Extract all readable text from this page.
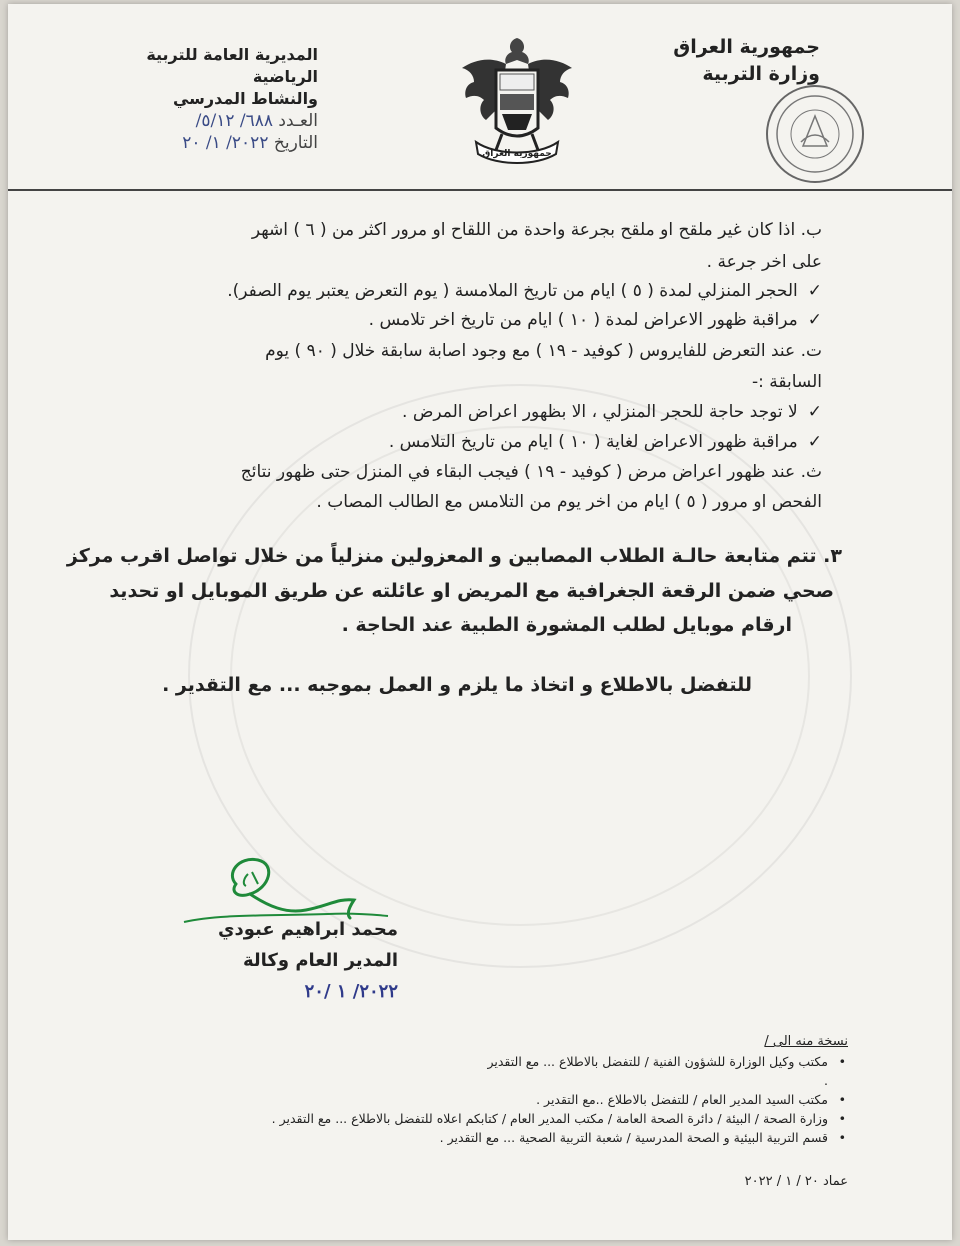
جمهورية العراق
وزارة التربية
جمهورية العراق
المديرية العامة للتربية الرياضية
والنشاط المدرسي
العـدد ٦٨٨/ ٥/١٢/
التاريخ ٢٠٢٢/ ١/ ٢٠
ب. اذا كان غير ملقح او ملقح بجرعة واحدة من اللقاح او مرور اكثر من ( ٦ ) اشهر
على اخر جرعة .
✓الحجر المنزلي لمدة ( ٥ ) ايام من تاريخ الملامسة ( يوم التعرض يعتبر يوم الصفر).
✓مراقبة ظهور الاعراض لمدة ( ١٠ ) ايام من تاريخ اخر تلامس .
ت. عند التعرض للفايروس ( كوفيد - ١٩ ) مع وجود اصابة سابقة خلال ( ٩٠ ) يوم
السابقة :-
✓لا توجد حاجة للحجر المنزلي ، الا بظهور اعراض المرض .
✓مراقبة ظهور الاعراض لغاية ( ١٠ ) ايام من تاريخ التلامس .
ث. عند ظهور اعراض مرض ( كوفيد - ١٩ ) فيجب البقاء في المنزل حتى ظهور نتائج
الفحص او مرور ( ٥ ) ايام من اخر يوم من التلامس مع الطالب المصاب .
٣. تتم متابعة حالـة الطلاب المصابين و المعزولين منزلياً من خلال تواصل اقرب مركز
صحي ضمن الرقعة الجغرافية مع المريض او عائلته عن طريق الموبايل او تحديد
ارقام موبايل لطلب المشورة الطبية عند الحاجة .
للتفضل بالاطلاع و اتخاذ ما يلزم و العمل بموجبه ... مع التقدير .
محمد ابراهيم عبودي
المدير العام وكالة
٢٠٢٢/ ١ /٢٠
نسخة منه الى /
•
مكتب وكيل الوزارة للشؤون الفنية / للتفضل بالاطلاع ... مع التقدير
.
•
مكتب السيد المدير العام / للتفضل بالاطلاع ..مع التقدير .
•
وزارة الصحة / البيئة / دائرة الصحة العامة / مكتب المدير العام / كتابكم اعلاه للتفضل بالاطلاع ... مع التقدير .
•
قسم التربية البيئية و الصحة المدرسية / شعبة التربية الصحية ... مع التقدير .
عماد ٢٠ / ١ / ٢٠٢٢
